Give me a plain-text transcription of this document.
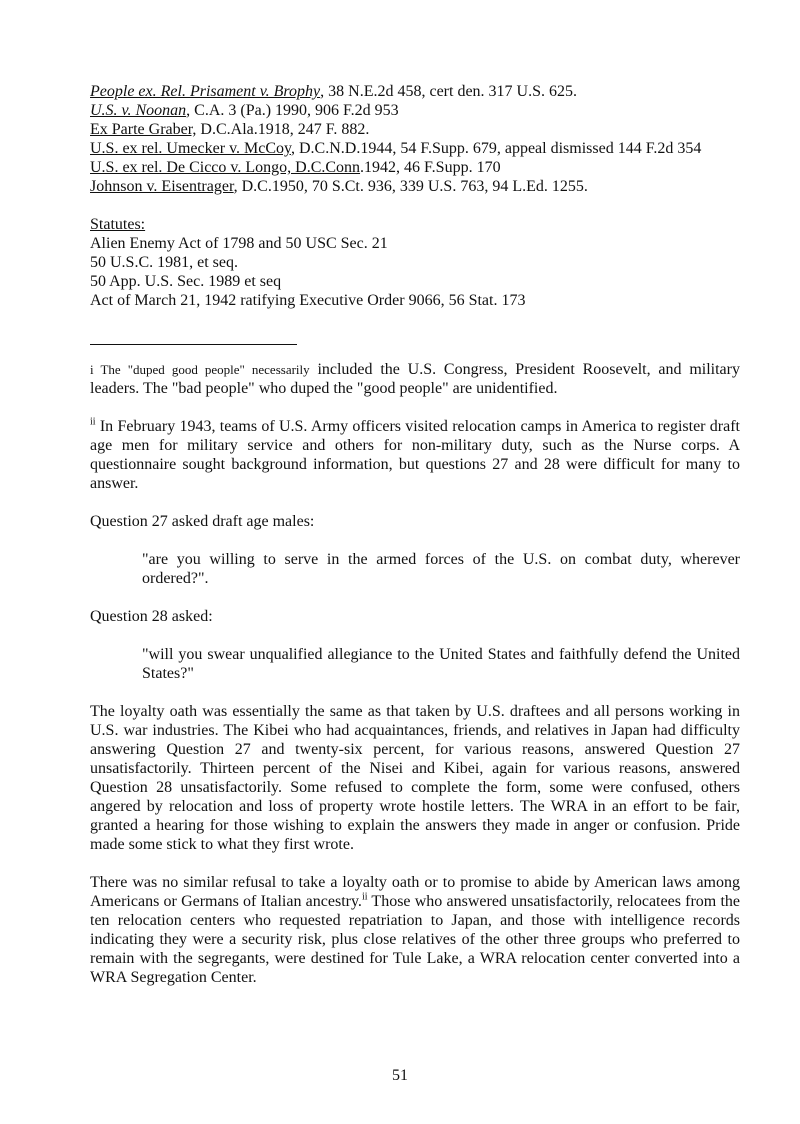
People ex. Rel. Prisament v. Brophy, 38 N.E.2d 458, cert den. 317 U.S. 625.
U.S. v. Noonan, C.A. 3 (Pa.) 1990, 906 F.2d 953
Ex Parte Graber, D.C.Ala.1918, 247 F. 882.
U.S. ex rel. Umecker v. McCoy, D.C.N.D.1944, 54 F.Supp. 679, appeal dismissed 144 F.2d 354
U.S. ex rel. De Cicco v. Longo, D.C.Conn.1942, 46 F.Supp. 170
Johnson v. Eisentrager, D.C.1950, 70 S.Ct. 936, 339 U.S. 763, 94 L.Ed. 1255.
Statutes:
Alien Enemy Act of 1798 and 50 USC Sec. 21
50 U.S.C. 1981, et seq.
50 App. U.S. Sec. 1989 et seq
Act of March 21, 1942 ratifying Executive Order 9066, 56 Stat. 173

i The "duped good people" necessarily included the U.S. Congress, President Roosevelt, and military leaders. The "bad people" who duped the "good people" are unidentified.

$^{ii}$ In February 1943, teams of U.S. Army officers visited relocation camps in America to register draft age men for military service and others for non-military duty, such as the Nurse corps. A questionnaire sought background information, but questions 27 and 28 were difficult for many to answer.

Question 27 asked draft age males:

"are you willing to serve in the armed forces of the U.S. on combat duty, wherever ordered?".

Question 28 asked:

"will you swear unqualified allegiance to the United States and faithfully defend the United States?"

The loyalty oath was essentially the same as that taken by U.S. draftees and all persons working in U.S. war industries. The Kibei who had acquaintances, friends, and relatives in Japan had difficulty answering Question 27 and twenty-six percent, for various reasons, answered Question 27 unsatisfactorily. Thirteen percent of the Nisei and Kibei, again for various reasons, answered Question 28 unsatisfactorily. Some refused to complete the form, some were confused, others angered by relocation and loss of property wrote hostile letters. The WRA in an effort to be fair, granted a hearing for those wishing to explain the answers they made in anger or confusion. Pride made some stick to what they first wrote.

There was no similar refusal to take a loyalty oath or to promise to abide by American laws among Americans or Germans of Italian ancestry.$^{ii}$ Those who answered unsatisfactorily, relocatees from the ten relocation centers who requested repatriation to Japan, and those with intelligence records indicating they were a security risk, plus close relatives of the other three groups who preferred to remain with the segregants, were destined for Tule Lake, a WRA relocation center converted into a WRA Segregation Center.

51
